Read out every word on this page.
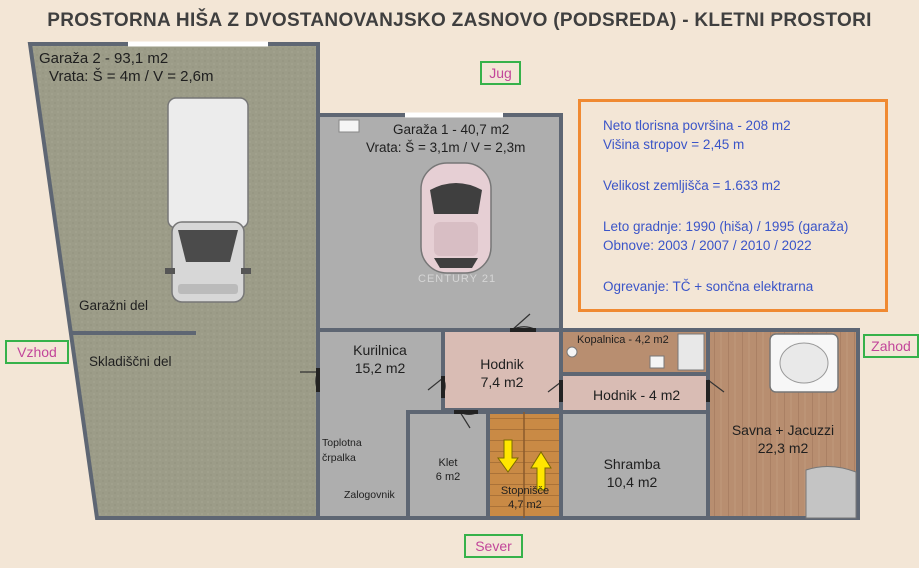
PROSTORNA HIŠA Z DVOSTANOVANJSKO ZASNOVO (PODSREDA) - KLETNI PROSTORI
Garaža 2 - 93,1 m2
Vrata: Š = 4m / V = 2,6m
Garažni del
Skladiščni del
Garaža 1 - 40,7 m2
Vrata: Š = 3,1m / V = 2,3m
CENTURY 21
Kurilnica
15,2 m2	Hodnik
7,4 m2
Kopalnica - 4,2 m2
Hodnik - 4 m2
Savna + Jacuzzi
22,3 m2
Toplotna
črpalka
Zalogovnik
Klet
6 m2
Stopnišče
4,7 m2
Shramba
10,4 m2
Jug
Vzhod	Zahod
Sever
Neto tlorisna površina - 208 m2
Višina stropov = 2,45 m
Velikost zemljišča = 1.633 m2
Leto gradnje: 1990 (hiša) / 1995 (garaža)
Obnove: 2003 / 2007 / 2010 / 2022
Ogrevanje: TČ + sončna elektrarna
